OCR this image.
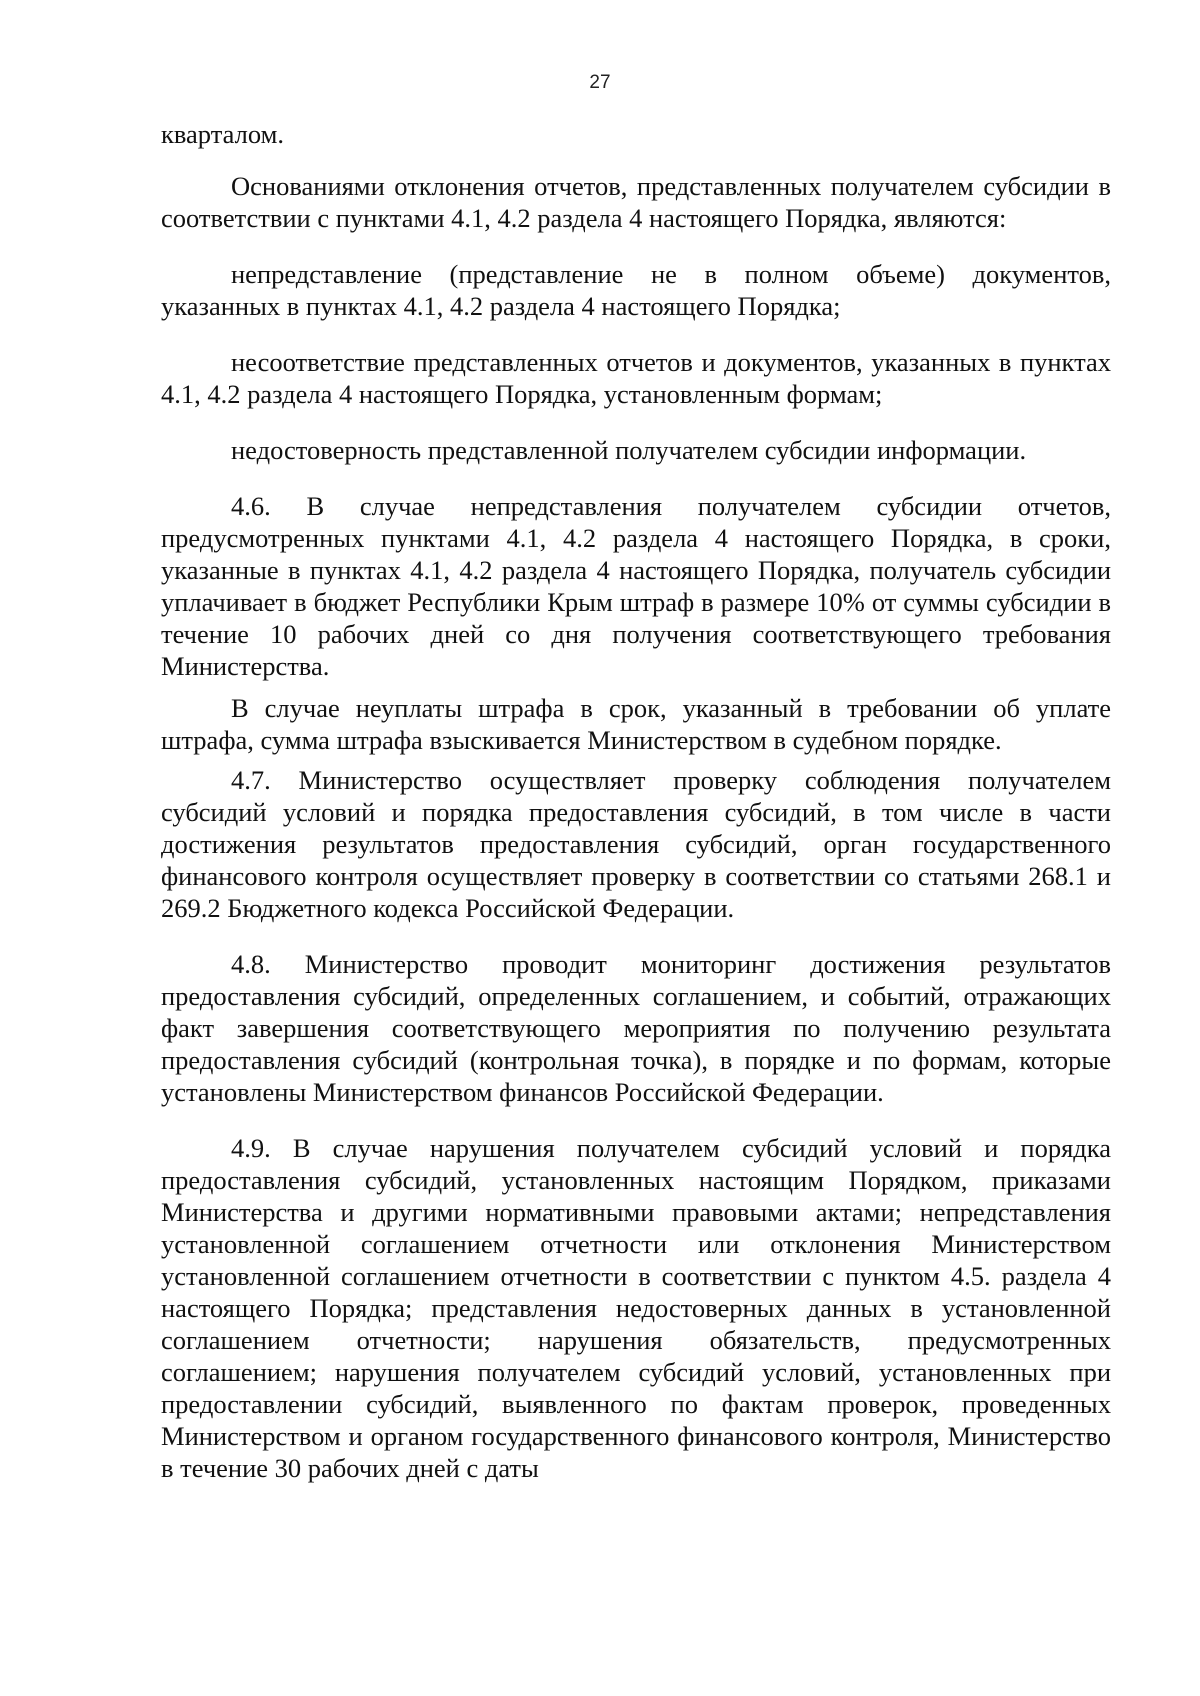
27

кварталом.

Основаниями отклонения отчетов, представленных получателем субсидии в соответствии с пунктами 4.1, 4.2 раздела 4 настоящего Порядка, являются:

непредставление (представление не в полном объеме) документов, указанных в пунктах 4.1, 4.2 раздела 4 настоящего Порядка;

несоответствие представленных отчетов и документов, указанных в пунктах 4.1, 4.2 раздела 4 настоящего Порядка, установленным формам;

недостоверность представленной получателем субсидии информации.

4.6. В случае непредставления получателем субсидии отчетов, предусмотренных пунктами 4.1, 4.2 раздела 4 настоящего Порядка, в сроки, указанные в пунктах 4.1, 4.2 раздела 4 настоящего Порядка, получатель субсидии уплачивает в бюджет Республики Крым штраф в размере 10% от суммы субсидии в течение 10 рабочих дней со дня получения соответствующего требования Министерства.

В случае неуплаты штрафа в срок, указанный в требовании об уплате штрафа, сумма штрафа взыскивается Министерством в судебном порядке.

4.7. Министерство осуществляет проверку соблюдения получателем субсидий условий и порядка предоставления субсидий, в том числе в части достижения результатов предоставления субсидий, орган государственного финансового контроля осуществляет проверку в соответствии со статьями 268.1 и 269.2 Бюджетного кодекса Российской Федерации.

4.8. Министерство проводит мониторинг достижения результатов предоставления субсидий, определенных соглашением, и событий, отражающих факт завершения соответствующего мероприятия по получению результата предоставления субсидий (контрольная точка), в порядке и по формам, которые установлены Министерством финансов Российской Федерации.

4.9. В случае нарушения получателем субсидий условий и порядка предоставления субсидий, установленных настоящим Порядком, приказами Министерства и другими нормативными правовыми актами; непредставления установленной соглашением отчетности или отклонения Министерством установленной соглашением отчетности в соответствии с пунктом 4.5. раздела 4 настоящего Порядка; представления недостоверных данных в установленной соглашением отчетности; нарушения обязательств, предусмотренных соглашением; нарушения получателем субсидий условий, установленных при предоставлении субсидий, выявленного по фактам проверок, проведенных Министерством и органом государственного финансового контроля, Министерство в течение 30 рабочих дней с даты
